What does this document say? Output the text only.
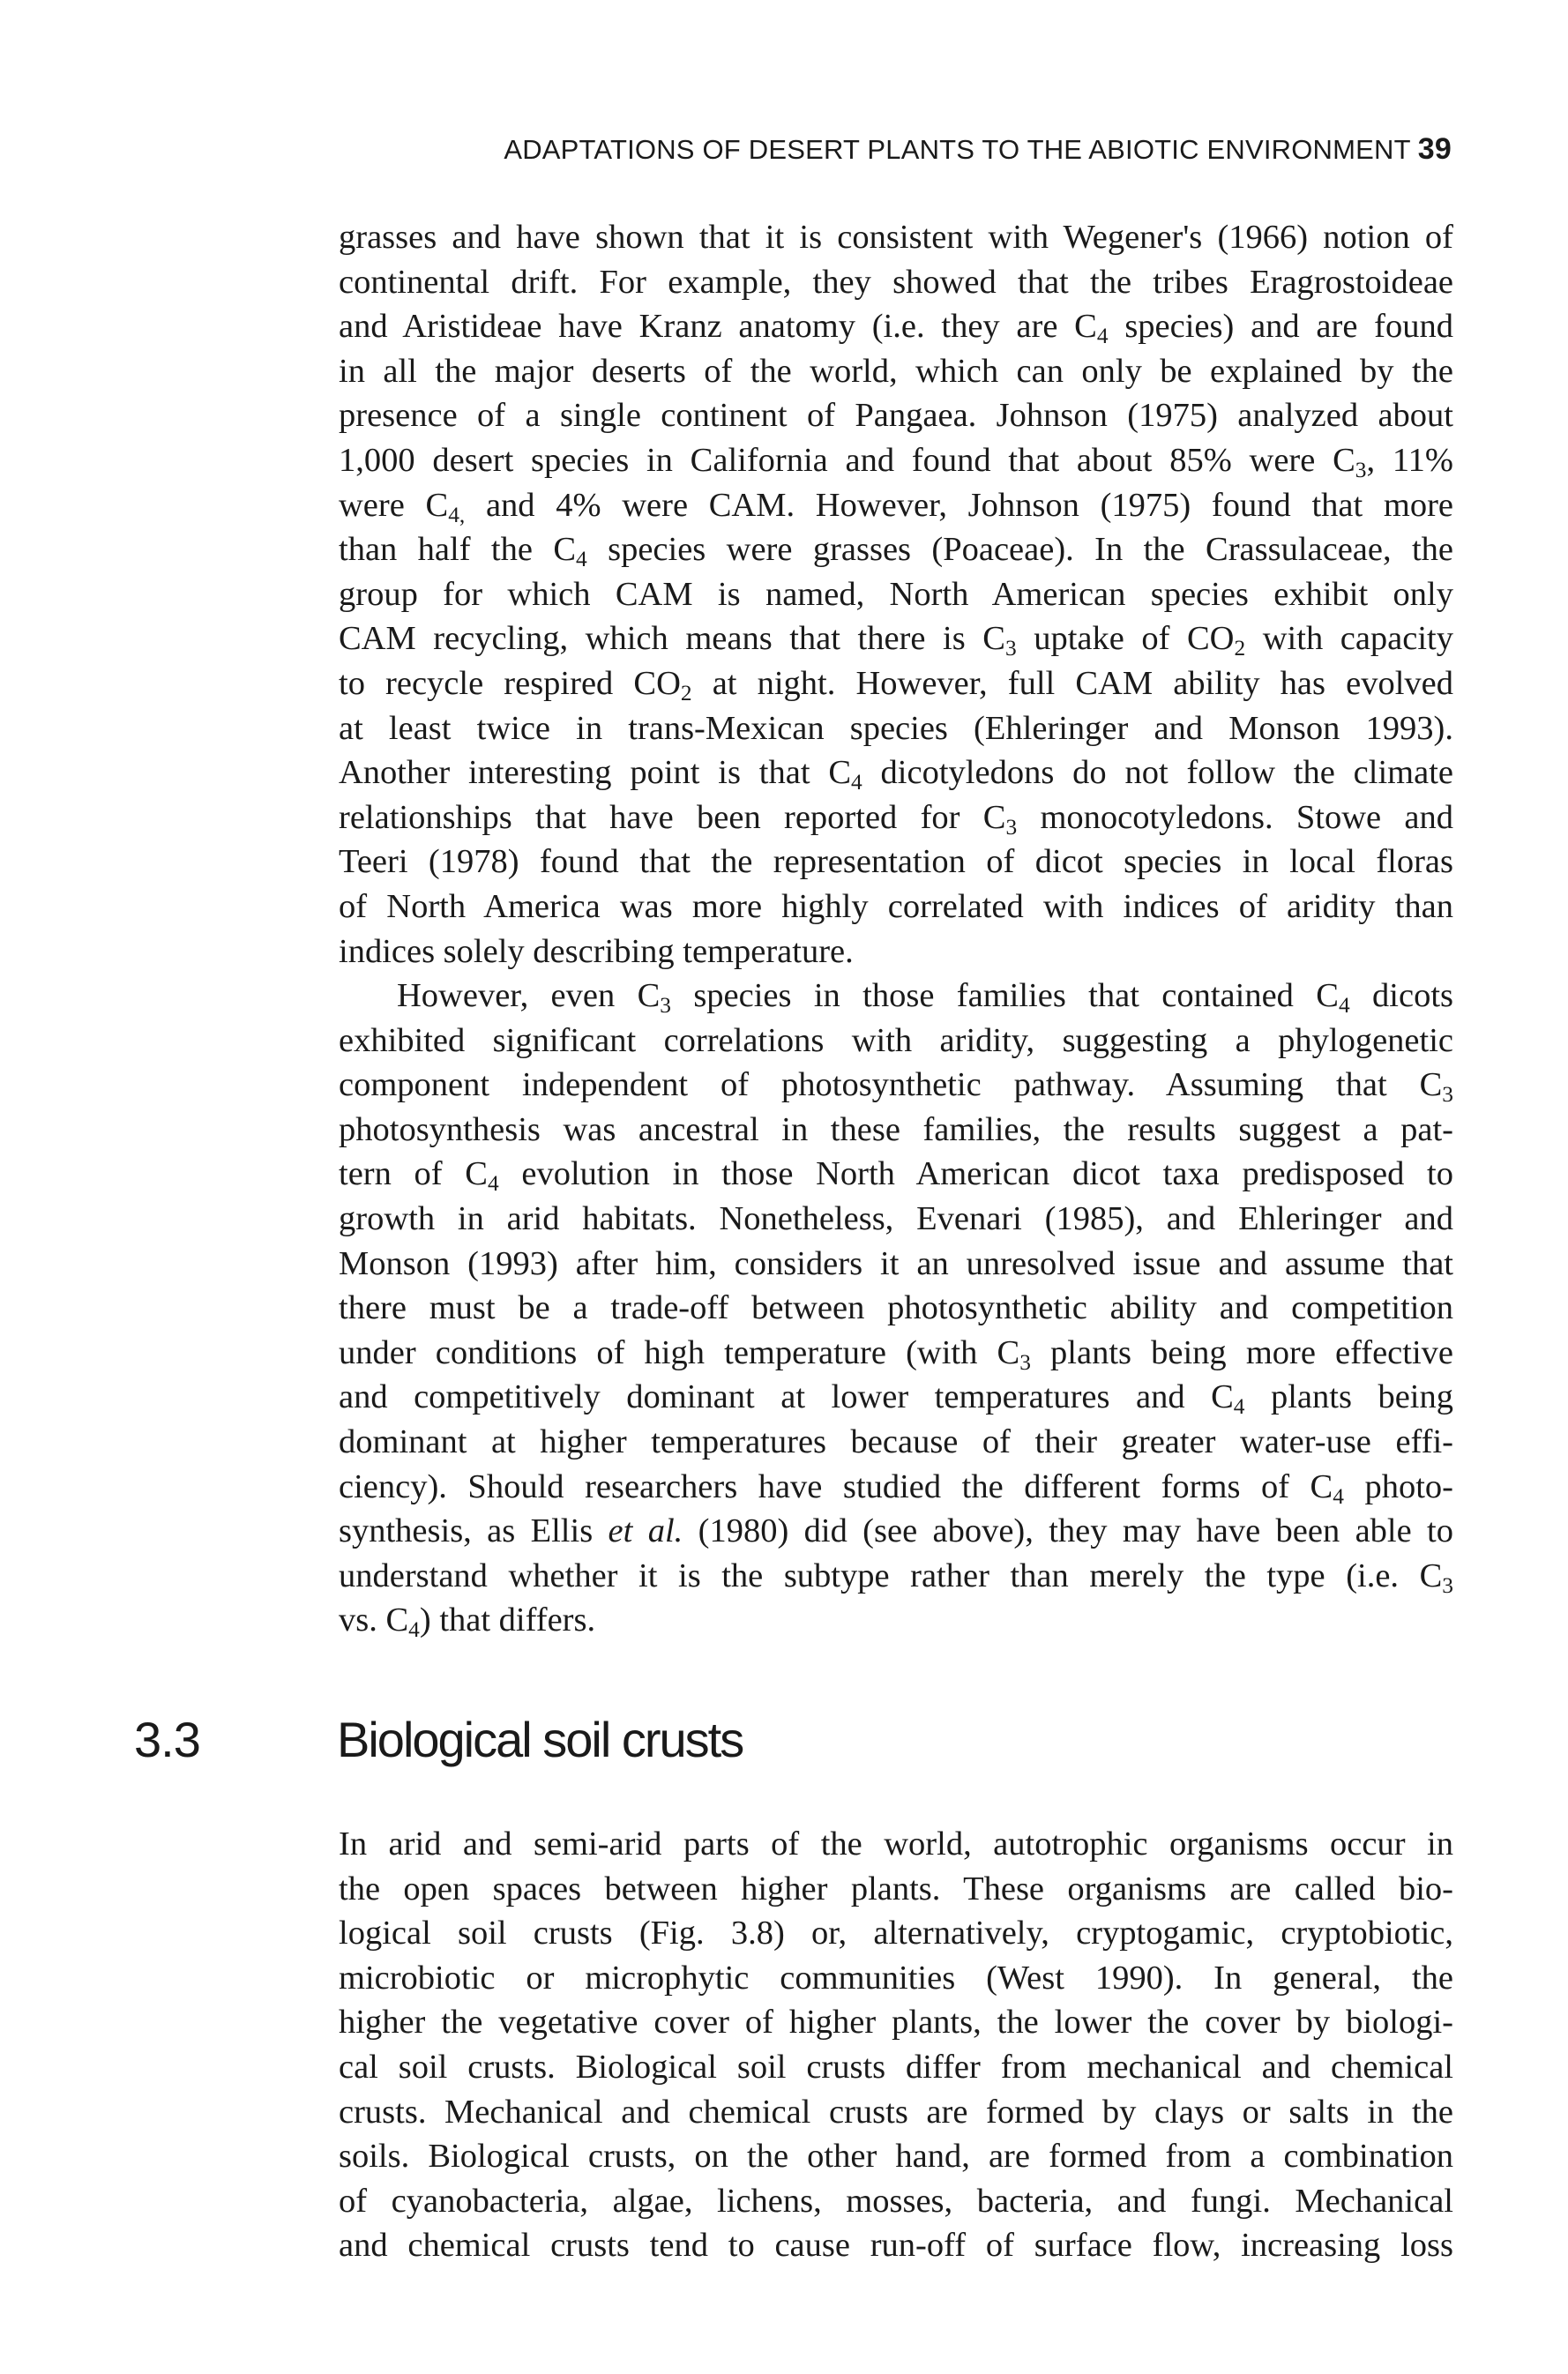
ADAPTATIONS OF DESERT PLANTS TO THE ABIOTIC ENVIRONMENT 39
grasses and have shown that it is consistent with Wegener's (1966) notion of
continental drift. For example, they showed that the tribes Eragrostoideae
and Aristideae have Kranz anatomy (i.e. they are $C_4$ species) and are found
in all the major deserts of the world, which can only be explained by the
presence of a single continent of Pangaea. Johnson (1975) analyzed about
1,000 desert species in California and found that about 85% were $C_3$, 11%
were $C_{4,}$ and 4% were CAM. However, Johnson (1975) found that more
than half the $C_4$ species were grasses (Poaceae). In the Crassulaceae, the
group for which CAM is named, North American species exhibit only
CAM recycling, which means that there is $C_3$ uptake of $CO_2$ with capacity
to recycle respired $CO_2$ at night. However, full CAM ability has evolved
at least twice in trans-Mexican species (Ehleringer and Monson 1993).
Another interesting point is that $C_4$ dicotyledons do not follow the climate
relationships that have been reported for $C_3$ monocotyledons. Stowe and
Teeri (1978) found that the representation of dicot species in local floras
of North America was more highly correlated with indices of aridity than
indices solely describing temperature.
However, even $C_3$ species in those families that contained $C_4$ dicots
exhibited significant correlations with aridity, suggesting a phylogenetic
component independent of photosynthetic pathway. Assuming that $C_3$
photosynthesis was ancestral in these families, the results suggest a pat-
tern of $C_4$ evolution in those North American dicot taxa predisposed to
growth in arid habitats. Nonetheless, Evenari (1985), and Ehleringer and
Monson (1993) after him, considers it an unresolved issue and assume that
there must be a trade-off between photosynthetic ability and competition
under conditions of high temperature (with $C_3$ plants being more effective
and competitively dominant at lower temperatures and $C_4$ plants being
dominant at higher temperatures because of their greater water-use effi-
ciency). Should researchers have studied the different forms of $C_4$ photo-
synthesis, as Ellis et al. (1980) did (see above), they may have been able to
understand whether it is the subtype rather than merely the type (i.e. $C_3$
vs. $C_4$) that differs.
3.3	Biological soil crusts
In arid and semi-arid parts of the world, autotrophic organisms occur in
the open spaces between higher plants. These organisms are called bio-
logical soil crusts (Fig. 3.8) or, alternatively, cryptogamic, cryptobiotic,
microbiotic or microphytic communities (West 1990). In general, the
higher the vegetative cover of higher plants, the lower the cover by biologi-
cal soil crusts. Biological soil crusts differ from mechanical and chemical
crusts. Mechanical and chemical crusts are formed by clays or salts in the
soils. Biological crusts, on the other hand, are formed from a combination
of cyanobacteria, algae, lichens, mosses, bacteria, and fungi. Mechanical
and chemical crusts tend to cause run-off of surface flow, increasing loss
